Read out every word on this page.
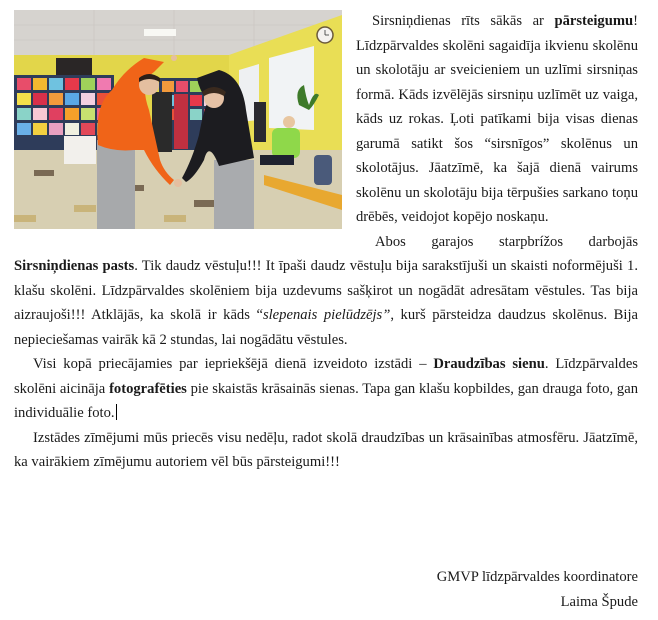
Sirsniņdienas rīts sākās ar pārsteigumu! Līdzpārvaldes skolēni sagaidīja ikvienu skolēnu un skolotāju ar sveicieniem un uzlīmi sirsniņas formā. Kāds izvēlējās sirsniņu uzlīmēt uz vaiga, kāds uz rokas. Ļoti patīkami bija visas dienas garumā satikt šos “sirsnīgos” skolēnus un skolotājus. Jāatzīmē, ka šajā dienā vairums skolēnu un skolotāju bija tērpušies sarkano toņu drēbēs, veidojot kopējo noskaņu.

Abos garajos starpbrížos darbojās Sirsniņdienas pasts. Tik daudz vēstuļu!!! It īpaši daudz vēstuļu bija sarakstījuši un skaisti noformējuši 1. klašu skolēni. Līdzpārvaldes skolēniem bija uzdevums sašķirot un nogādāt adresātam vēstules. Tas bija aizraujoši!!! Atklājās, ka skolā ir kāds “slepenais pielūdzējs”, kurš pārsteidza daudzus skolēnus. Bija nepieciešamas vairāk kā 2 stundas, lai nogādātu vēstules.

Visi kopā priecājamies par iepriekšējā dienā izveidoto izstādi – Draudzības sienu. Līdzpārvaldes skolēni aicināja fotografēties pie skaistās krāsainās sienas. Tapa gan klašu kopbildes, gan drauga foto, gan individuālie foto.

Izstādes zīmējumi mūs priecēs visu nedēļu, radot skolā draudzības un krāsainības atmosfēru. Jāatzīmē, ka vairākiem zīmējumu autoriem vēl būs pārsteigumi!!!

GMVP līdzpārvaldes koordinatore
Laima Špude
